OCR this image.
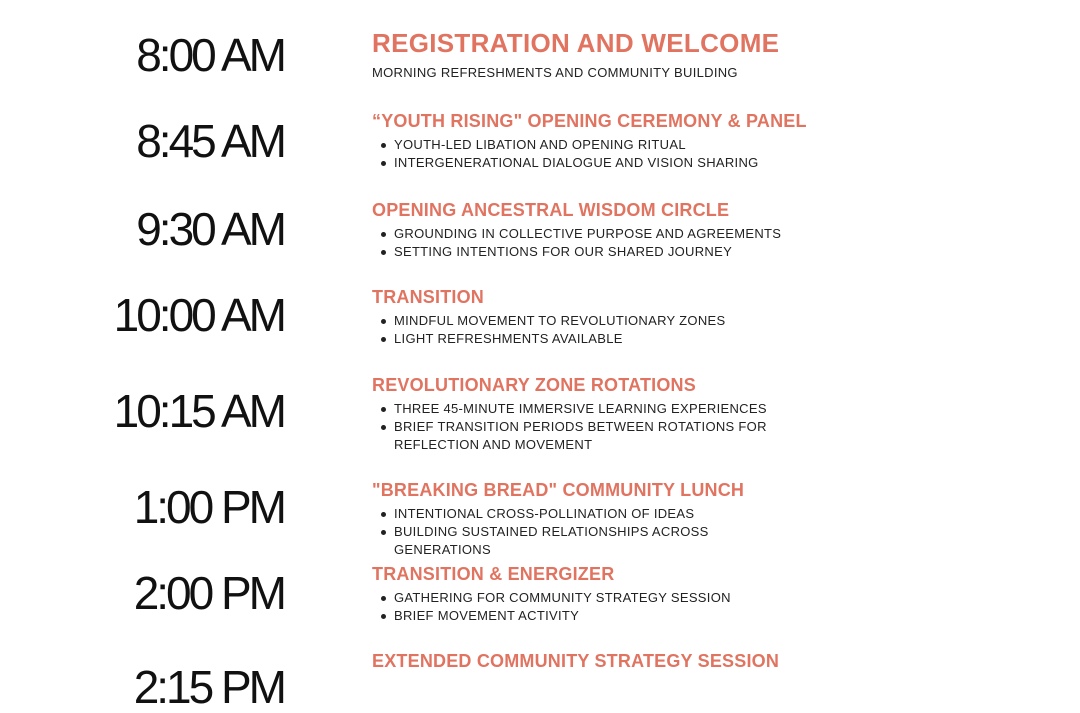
8:00 AM	REGISTRATION AND WELCOME
MORNING REFRESHMENTS AND COMMUNITY BUILDING
8:45 AM	“YOUTH RISING" OPENING CEREMONY & PANEL
YOUTH-LED LIBATION AND OPENING RITUAL
INTERGENERATIONAL DIALOGUE AND VISION SHARING
9:30 AM	OPENING ANCESTRAL WISDOM CIRCLE
GROUNDING IN COLLECTIVE PURPOSE AND AGREEMENTS
SETTING INTENTIONS FOR OUR SHARED JOURNEY
10:00 AM	TRANSITION
MINDFUL MOVEMENT TO REVOLUTIONARY ZONES
LIGHT REFRESHMENTS AVAILABLE
10:15 AM	REVOLUTIONARY ZONE ROTATIONS
THREE 45-MINUTE IMMERSIVE LEARNING EXPERIENCES
BRIEF TRANSITION PERIODS BETWEEN ROTATIONS FOR REFLECTION AND MOVEMENT
1:00 PM	"BREAKING BREAD" COMMUNITY LUNCH
INTENTIONAL CROSS-POLLINATION OF IDEAS
BUILDING SUSTAINED RELATIONSHIPS ACROSS GENERATIONS
2:00 PM	TRANSITION & ENERGIZER
GATHERING FOR COMMUNITY STRATEGY SESSION
BRIEF MOVEMENT ACTIVITY
2:15 PM	EXTENDED COMMUNITY STRATEGY SESSION
